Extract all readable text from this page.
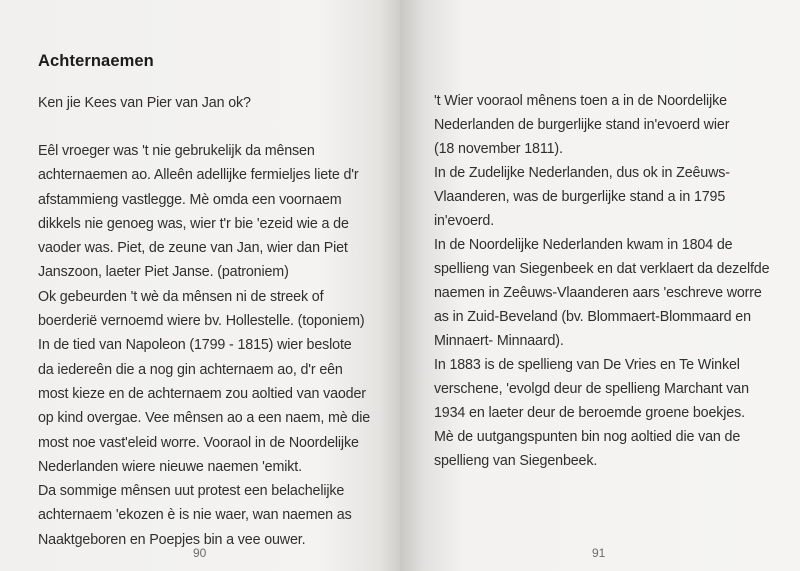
Achternaemen
Ken jie Kees van Pier van Jan ok?
Eêl vroeger was 't nie gebrukelijk da mênsen
achternaemen ao. Alleên adellijke fermieljes liete d'r
afstammieng vastlegge. Mè omda een voornaem
dikkels nie genoeg was, wier t'r bie 'ezeid wie a de
vaoder was. Piet, de zeune van Jan, wier dan Piet
Janszoon, laeter Piet Janse. (patroniem)
Ok gebeurden 't wè da mênsen ni de streek of
boerderië vernoemd wiere bv. Hollestelle. (toponiem)
In de tied van Napoleon (1799 - 1815) wier beslote
da iedereên die a nog gin achternaem ao, d'r eên
most kieze en de achternaem zou aoltied van vaoder
op kind overgae. Vee mênsen ao a een naem, mè die
most noe vast'eleid worre. Vooraol in de Noordelijke
Nederlanden wiere nieuwe naemen 'emikt.
Da sommige mênsen uut protest een belachelijke
achternaem 'ekozen è is nie waer, wan naemen as
Naaktgeboren en Poepjes bin a vee ouwer.
90	91
't Wier vooraol mênens toen a in de Noordelijke
Nederlanden de burgerlijke stand in'evoerd wier
(18 november 1811).
In de Zudelijke Nederlanden, dus ok in Zeêuws-
Vlaanderen, was de burgerlijke stand a in 1795
in'evoerd.
In de Noordelijke Nederlanden kwam in 1804 de
spellieng van Siegenbeek en dat verklaert da dezelfde
naemen in Zeêuws-Vlaanderen aars 'eschreve worre
as in Zuid-Beveland (bv. Blommaert-Blommaard en
Minnaert- Minnaard).
In 1883 is de spellieng van De Vries en Te Winkel
verschene, 'evolgd deur de spellieng Marchant van
1934 en laeter deur de beroemde groene boekjes.
Mè de uutgangspunten bin nog aoltied die van de
spellieng van Siegenbeek.
